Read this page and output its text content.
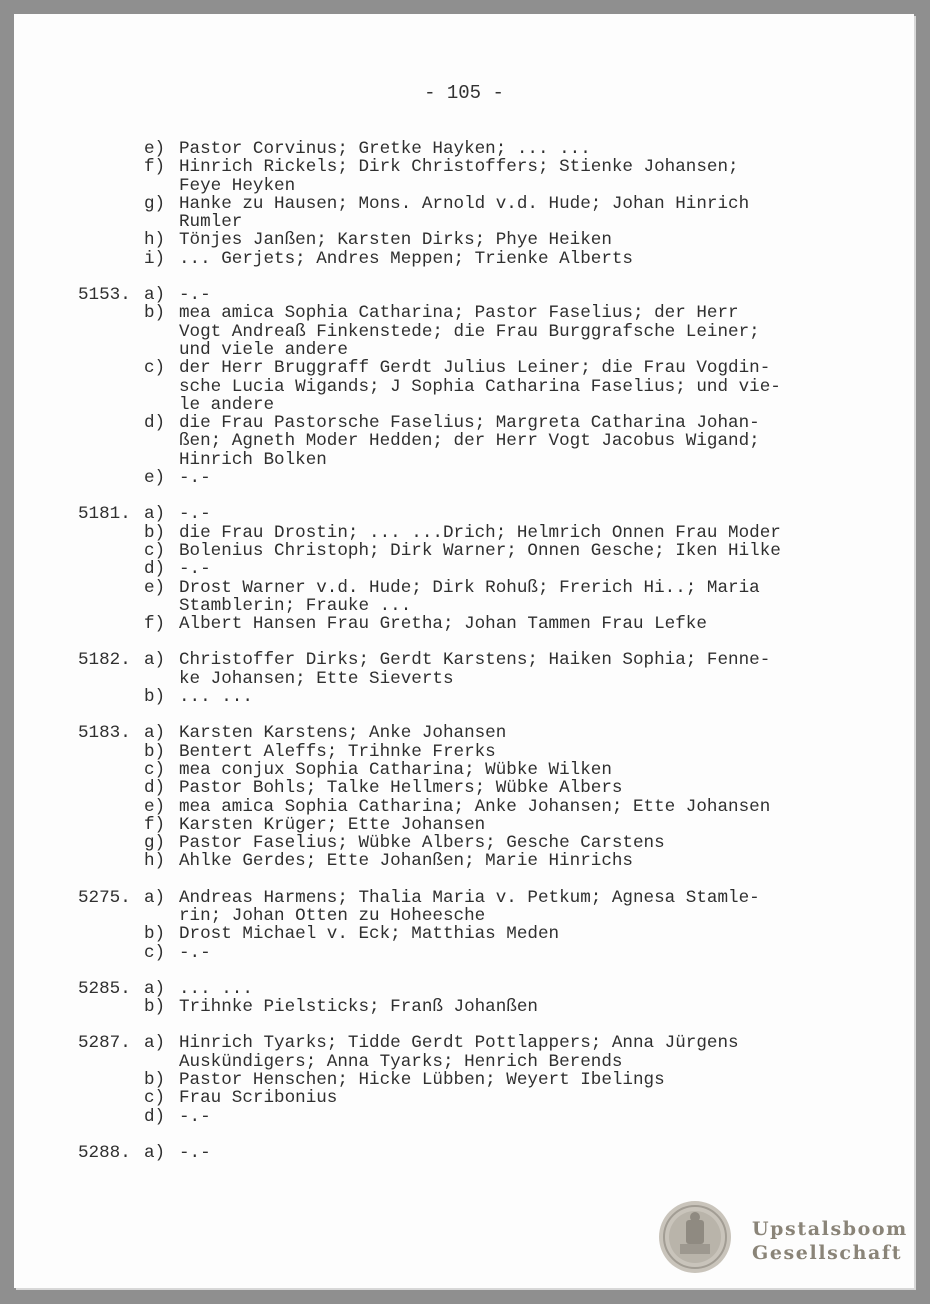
- 105 -
e) Pastor Corvinus; Gretke Hayken; ... ...
f) Hinrich Rickels; Dirk Christoffers; Stienke Johansen;
Feye Heyken
g) Hanke zu Hausen; Mons. Arnold v.d. Hude; Johan Hinrich
Rumler
h) Tönjes Janßen; Karsten Dirks; Phye Heiken
i) ... Gerjets; Andres Meppen; Trienke Alberts
5153. a) -.-
b) mea amica Sophia Catharina; Pastor Faselius; der Herr
Vogt Andreaß Finkenstede; die Frau Burggrafsche Leiner;
und viele andere
c) der Herr Bruggraff Gerdt Julius Leiner; die Frau Vogdin-
sche Lucia Wigands; J Sophia Catharina Faselius; und vie-
le andere
d) die Frau Pastorsche Faselius; Margreta Catharina Johan-
ßen; Agneth Moder Hedden; der Herr Vogt Jacobus Wigand;
Hinrich Bolken
e) -.-
5181. a) -.-
b) die Frau Drostin; ... ...Drich; Helmrich Onnen Frau Moder
c) Bolenius Christoph; Dirk Warner; Onnen Gesche; Iken Hilke
d) -.-
e) Drost Warner v.d. Hude; Dirk Rohuß; Frerich Hi..; Maria
Stamblerin; Frauke ...
f) Albert Hansen Frau Gretha; Johan Tammen Frau Lefke
5182. a) Christoffer Dirks; Gerdt Karstens; Haiken Sophia; Fenne-
ke Johansen; Ette Sieverts
b) ... ...
5183. a) Karsten Karstens; Anke Johansen
b) Bentert Aleffs; Trihnke Frerks
c) mea conjux Sophia Catharina; Wübke Wilken
d) Pastor Bohls; Talke Hellmers; Wübke Albers
e) mea amica Sophia Catharina; Anke Johansen; Ette Johansen
f) Karsten Krüger; Ette Johansen
g) Pastor Faselius; Wübke Albers; Gesche Carstens
h) Ahlke Gerdes; Ette Johanßen; Marie Hinrichs
5275. a) Andreas Harmens; Thalia Maria v. Petkum; Agnesa Stamle-
rin; Johan Otten zu Hoheesche
b) Drost Michael v. Eck; Matthias Meden
c) -.-
5285. a) ... ...
b) Trihnke Pielsticks; Franß Johanßen
5287. a) Hinrich Tyarks; Tidde Gerdt Pottlappers; Anna Jürgens
Auskündigers; Anna Tyarks; Henrich Berends
b) Pastor Henschen; Hicke Lübben; Weyert Ibelings
c) Frau Scribonius
d) -.-
5288. a) -.-
Upstalsboom
Gesellschaft
